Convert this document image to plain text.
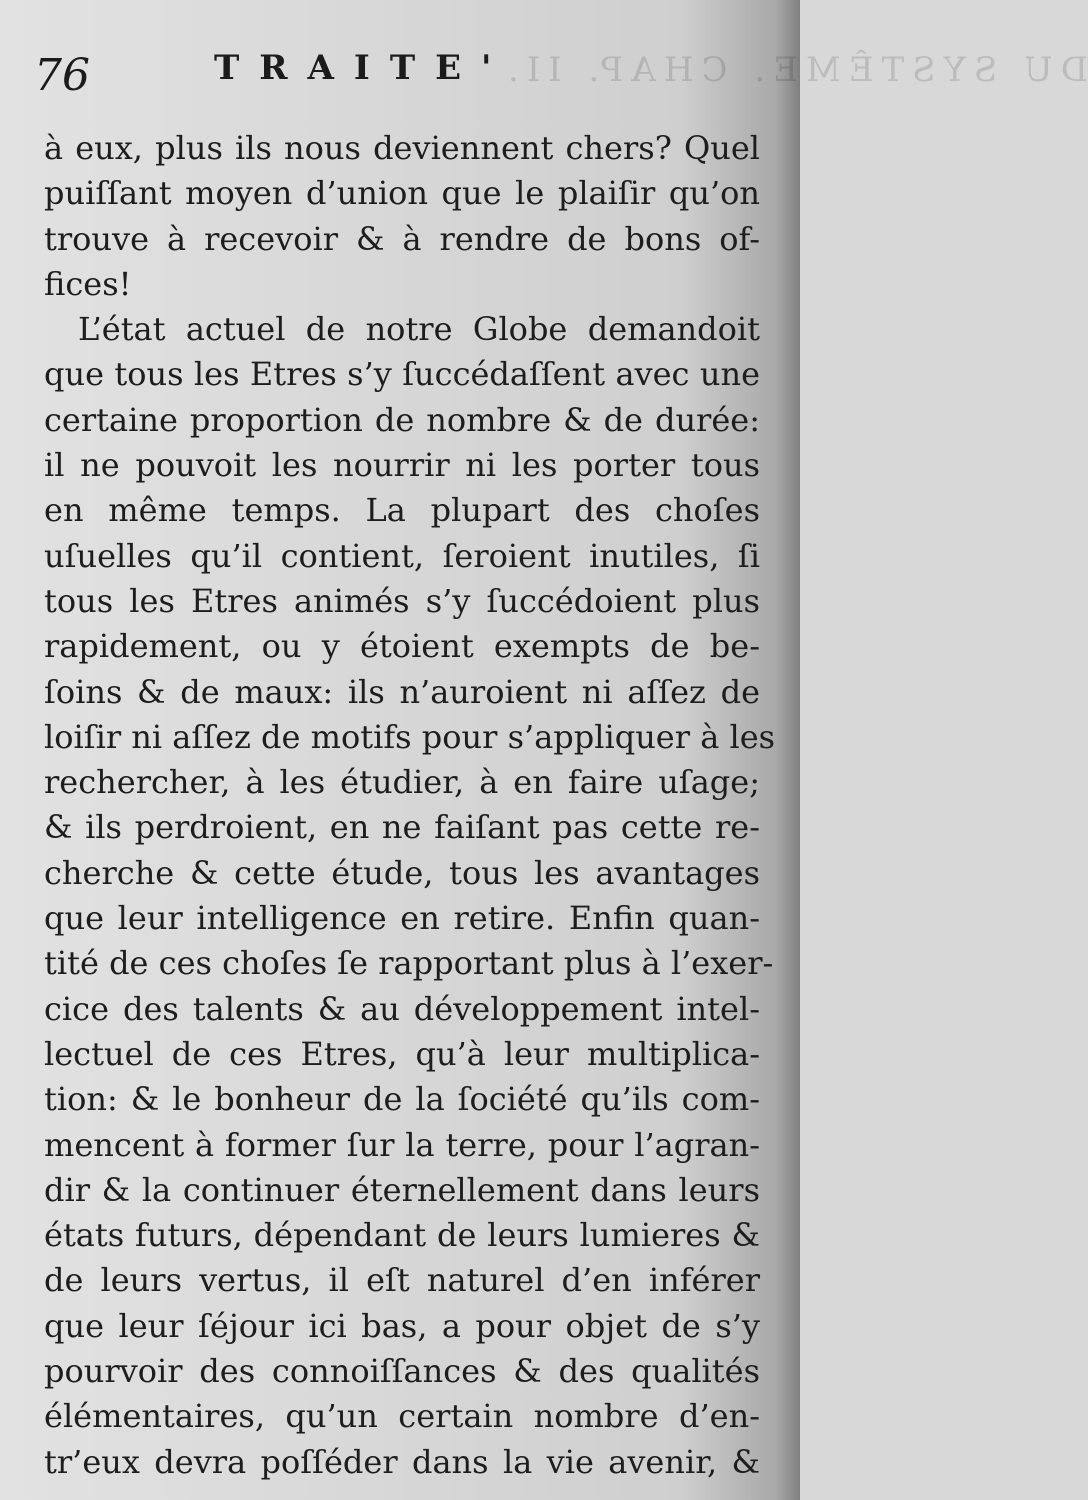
DU SYSTÊME. CHAP. II.
76	TRAITE'
à eux, plus ils nous deviennent chers? Quel
puiſſant moyen d’union que le plaiſir qu’on
trouve à recevoir & à rendre de bons of-
fices!
L’état actuel de notre Globe demandoit
que tous les Etres s’y ſuccédaſſent avec une
certaine proportion de nombre & de durée:
il ne pouvoit les nourrir ni les porter tous
en même temps. La plupart des choſes
uſuelles qu’il contient, ſeroient inutiles, ſi
tous les Etres animés s’y ſuccédoient plus
rapidement, ou y étoient exempts de be-
ſoins & de maux: ils n’auroient ni aſſez de
loiſir ni aſſez de motifs pour s’appliquer à les
rechercher, à les étudier, à en faire uſage;
& ils perdroient, en ne faiſant pas cette re-
cherche & cette étude, tous les avantages
que leur intelligence en retire. Enfin quan-
tité de ces choſes ſe rapportant plus à l’exer-
cice des talents & au développement intel-
lectuel de ces Etres, qu’à leur multiplica-
tion: & le bonheur de la ſociété qu’ils com-
mencent à former ſur la terre, pour l’agran-
dir & la continuer éternellement dans leurs
états futurs, dépendant de leurs lumieres &
de leurs vertus, il eſt naturel d’en inférer
que leur ſéjour ici bas, a pour objet de s’y
pourvoir des connoiſſances & des qualités
élémentaires, qu’un certain nombre d’en-
tr’eux devra poſſéder dans la vie avenir, &
